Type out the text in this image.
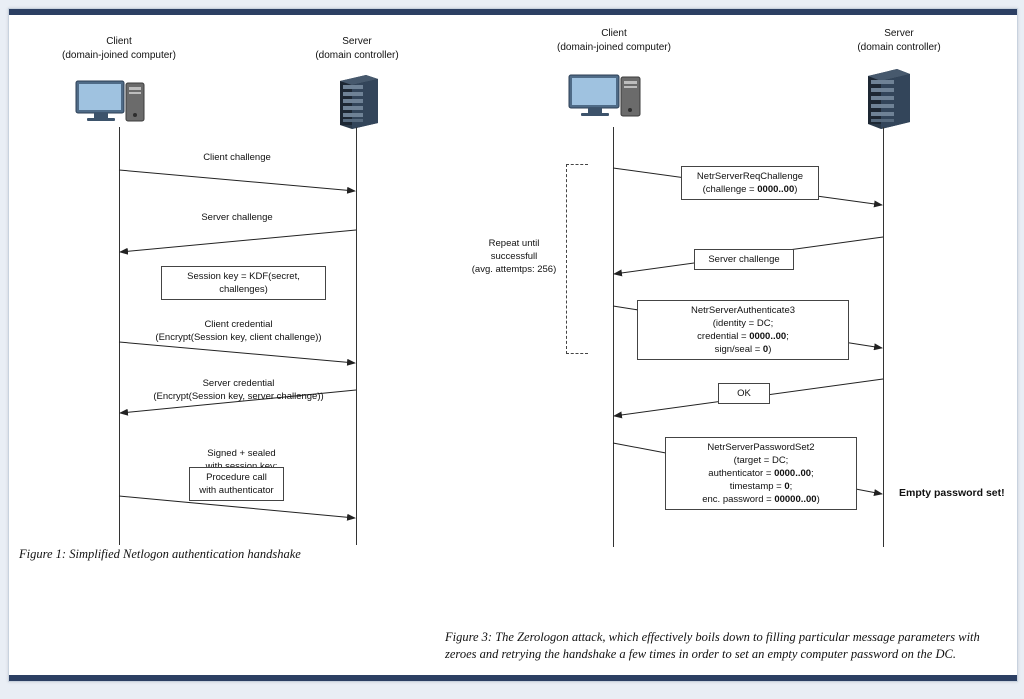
Client
(domain-joined computer)
Server
(domain controller)
Client challenge
Server challenge
Session key = KDF(secret, challenges)
Client credential
(Encrypt(Session key, client challenge))
Server credential
(Encrypt(Session key, server challenge))
Signed + sealed

Procedure call
with authenticator
Figure 1: Simplified Netlogon authentication handshake
Client
(domain-joined computer)
Server
(domain controller)
Repeat until
successfull
(avg. attemtps: 256)
NetrServerReqChallenge
(challenge = 0000..00)
Server challenge
NetrServerAuthenticate3
(identity = DC;
credential = 0000..00;
sign/seal = 0)
OK
NetrServerPasswordSet2
(target = DC;
authenticator = 0000..00;
timestamp = 0;
enc. password = 00000..00)
Empty password set!
Figure 3: The Zerologon attack, which effectively boils down to filling particular message parameters with zeroes and retrying the handshake a few times in order to set an empty computer password on the DC.
